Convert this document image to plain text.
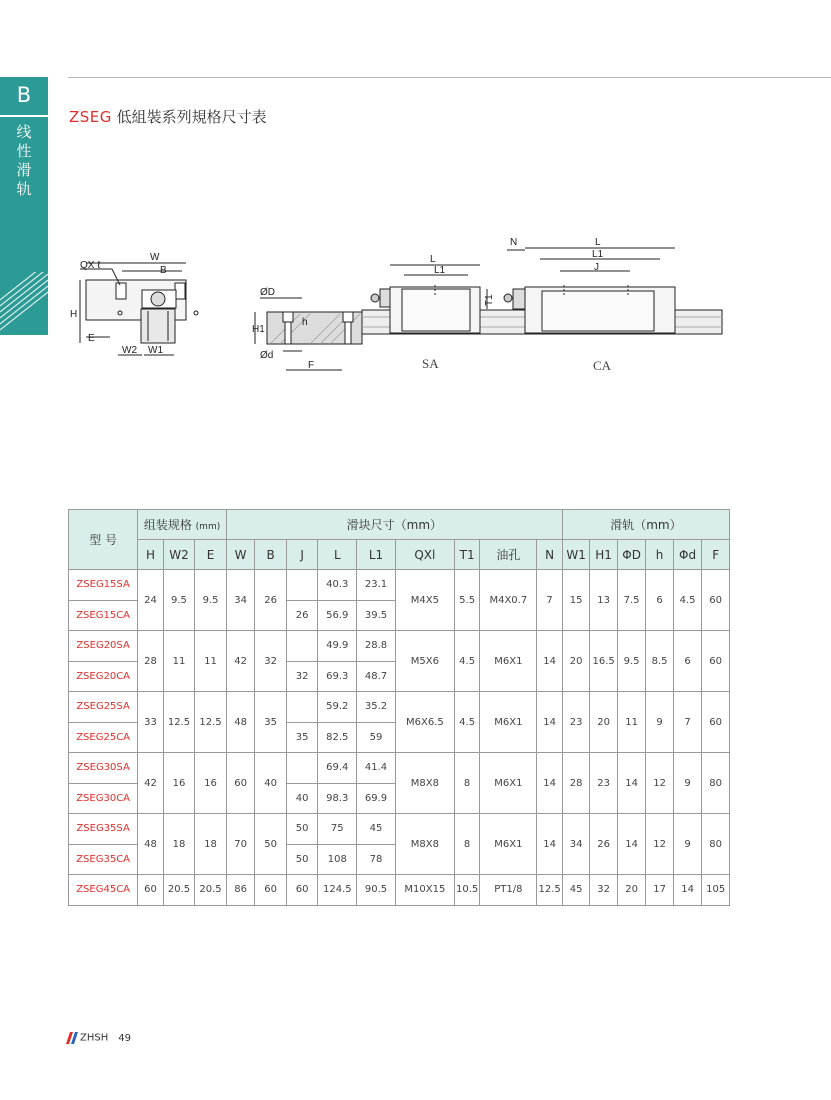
B
线
性
滑
轨
ZSEG 低組裝系列規格尺寸表
QX ℓ
W
B
H
E
W2 W1
ØD
H1
h
Ød
F
L
L1
T1
N	L
L1
J
SA	CA
型 号	组装规格 (mm)			滑块尺寸（mm）									滑轨（mm）					
	H	W2	E	W	B	J	L	L1	QXl	T1	油孔	N	W1	H1	ΦD	h	Φd	F
ZSEG15SA	24	9.5	9.5	34	26		40.3	23.1	M4X5	5.5	M4X0.7	7	15	13	7.5	6	4.5	60
ZSEG15CA						26	56.9	39.5										
ZSEG20SA	28	11	11	42	32		49.9	28.8	M5X6	4.5	M6X1	14	20	16.5	9.5	8.5	6	60
ZSEG20CA						32	69.3	48.7										
ZSEG25SA	33	12.5	12.5	48	35		59.2	35.2	M6X6.5	4.5	M6X1	14	23	20	11	9	7	60
ZSEG25CA						35	82.5	59										
ZSEG30SA	42	16	16	60	40		69.4	41.4	M8X8	8	M6X1	14	28	23	14	12	9	80
ZSEG30CA						40	98.3	69.9										
ZSEG35SA	48	18	18	70	50	50	75	45	M8X8	8	M6X1	14	34	26	14	12	9	80
ZSEG35CA						50	108	78										
ZSEG45CA	60	20.5	20.5	86	60	60	124.5	90.5	M10X15	10.5	PT1/8	12.5	45	32	20	17	14	105
ZHSH 49
